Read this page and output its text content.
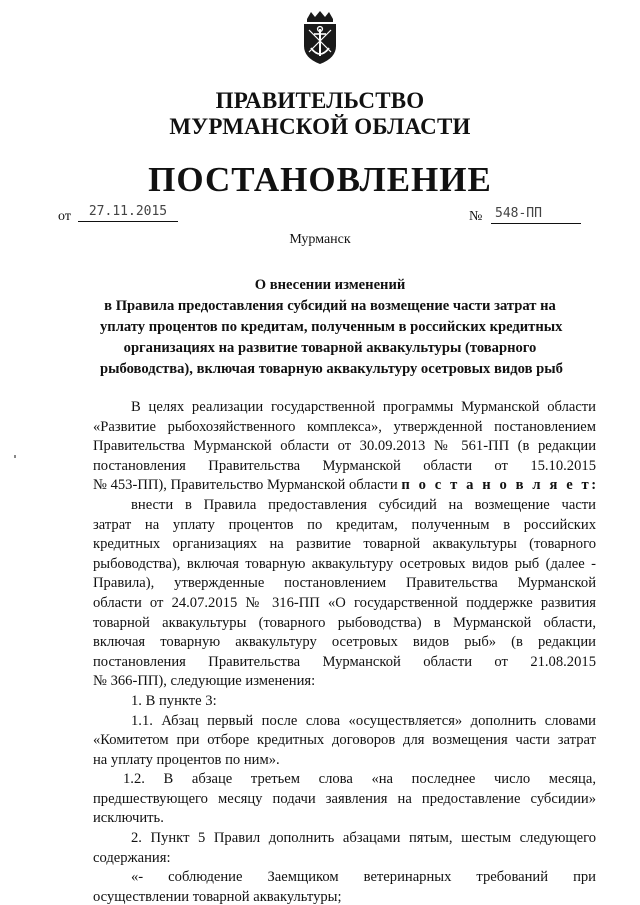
ПРАВИТЕЛЬСТВО
МУРМАНСКОЙ ОБЛАСТИ
ПОСТАНОВЛЕНИЕ
от	27.11.2015	№ 548-ПП
Мурманск
О внесении изменений
в Правила предоставления субсидий на возмещение части затрат на
уплату процентов по кредитам, полученным в российских кредитных
организациях на развитие товарной аквакультуры (товарного
рыбоводства), включая товарную аквакультуру осетровых видов рыб
В целях реализации государственной программы Мурманской области
«Развитие рыбохозяйственного комплекса», утвержденной постановлением
Правительства Мурманской области от 30.09.2013 № 561-ПП (в редакции
постановления Правительства Мурманской области от 15.10.2015
№ 453-ПП), Правительство Мурманской области п о с т а н о в л я е т:
внести в Правила предоставления субсидий на возмещение части
затрат на уплату процентов по кредитам, полученным в российских
кредитных организациях на развитие товарной аквакультуры (товарного
рыбоводства), включая товарную аквакультуру осетровых видов рыб (далее -
Правила), утвержденные постановлением Правительства Мурманской
области от 24.07.2015 № 316-ПП «О государственной поддержке развития
товарной аквакультуры (товарного рыбоводства) в Мурманской области,
включая товарную аквакультуру осетровых видов рыб» (в редакции
постановления Правительства Мурманской области от 21.08.2015
№ 366-ПП), следующие изменения:
1. В пункте 3:
1.1. Абзац первый после слова «осуществляется» дополнить словами
«Комитетом при отборе кредитных договоров для возмещения части затрат
на уплату процентов по ним».
1.2. В абзаце третьем слова «на последнее число месяца,
предшествующего месяцу подачи заявления на предоставление субсидии»
исключить.
2. Пункт 5 Правил дополнить абзацами пятым, шестым следующего
содержания:
«- соблюдение Заемщиком ветеринарных требований при
осуществлении товарной аквакультуры;
